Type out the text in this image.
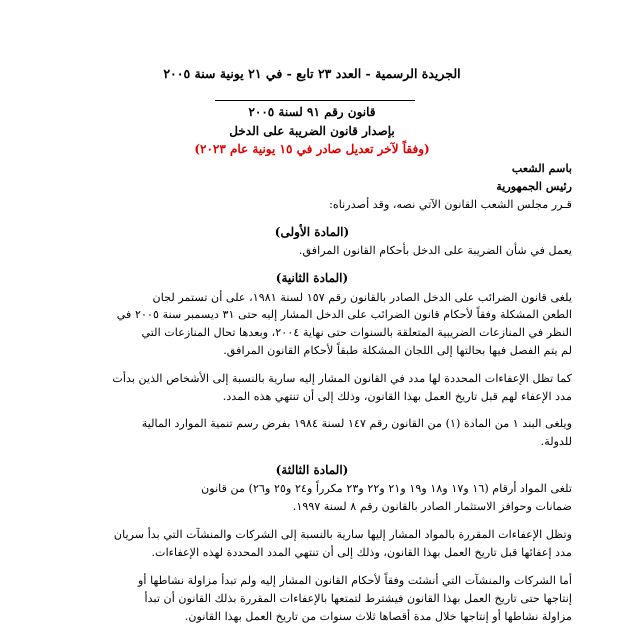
الجريدة الرسمية - العدد ٢٣ تابع - في ٢١ يونية سنة ٢٠٠٥
قانون رقم ٩١ لسنة ٢٠٠٥
بإصدار قانون الضريبة على الدخل
(وفقاً لآخر تعديل صادر في ١٥ يونية عام ٢٠٢٣)
باسم الشعب
رئيس الجمهورية
قـرر مجلس الشعب القانون الآتي نصه، وقد أصدرناه:
(المادة الأولى)
يعمل في شأن الضريبة على الدخل بأحكام القانون المرافق.
(المادة الثانية)
يلغى قانون الضرائب على الدخل الصادر بالقانون رقم ١٥٧ لسنة ١٩٨١، على أن تستمر لجان
الطعن المشكلة وفقاً لأحكام قانون الضرائب على الدخل المشار إليه حتى ٣١ ديسمبر سنة ٢٠٠٥ في
النظر في المنازعات الضريبية المتعلقة بالسنوات حتى نهاية ٢٠٠٤، وبعدها تحال المنازعات التي
لم يتم الفصل فيها بحالتها إلى اللجان المشكلة طبقاً لأحكام القانون المرافق.
كما تظل الإعفاءات المحددة لها مدد في القانون المشار إليه سارية بالنسبة إلى الأشخاص الذين بدأت
مدد الإعفاء لهم قبل تاريخ العمل بهذا القانون، وذلك إلى أن تنتهي هذه المدد.
ويلغى البند ١ من المادة (١) من القانون رقم ١٤٧ لسنة ١٩٨٤ بفرض رسم تنمية الموارد المالية
للدولة.
(المادة الثالثة)
تلغى المواد أرقام (١٦ و١٧ و١٨ و١٩ و٢١ و٢٢ و٢٣ مكرراً و٢٤ و٢٥ و٢٦) من قانون
ضمانات وحوافز الاستثمار الصادر بالقانون رقم ٨ لسنة ١٩٩٧.
وتظل الإعفاءات المقررة بالمواد المشار إليها سارية بالنسبة إلى الشركات والمنشآت التي بدأ سريان
مدد إعفائها قبل تاريخ العمل بهذا القانون، وذلك إلى أن تنتهي المدد المحددة لهذه الإعفاءات.
أما الشركات والمنشآت التي أنشئت وفقاً لأحكام القانون المشار إليه ولم تبدأ مزاولة نشاطها أو
إنتاجها حتى تاريخ العمل بهذا القانون فيشترط لتمتعها بالإعفاءات المقررة بذلك القانون أن تبدأ
مزاولة نشاطها أو إنتاجها خلال مدة أقصاها ثلاث سنوات من تاريخ العمل بهذا القانون.
